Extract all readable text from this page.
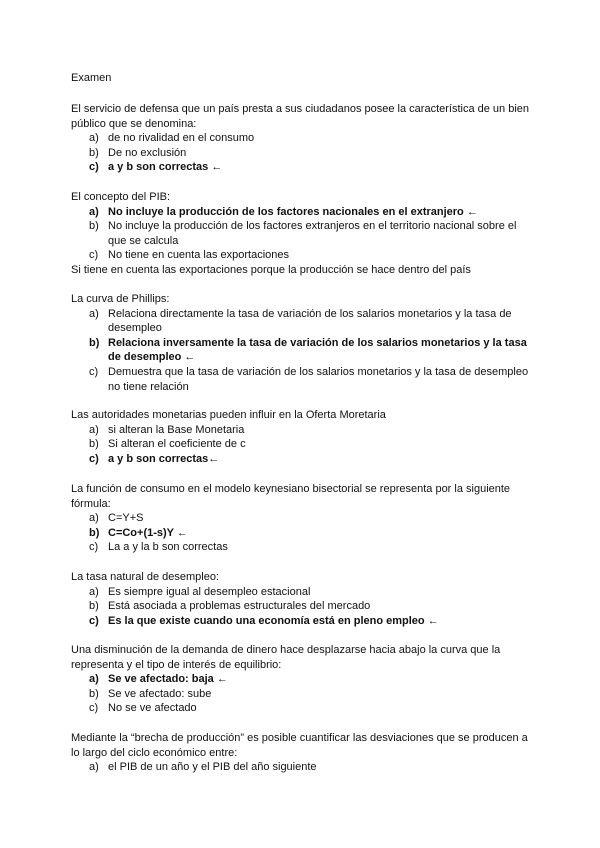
Examen

El servicio de defensa que un país presta a sus ciudadanos posee la característica de un bien público que se denomina:

a) de no rivalidad en el consumo
b) De no exclusión
c) a y b son correctas ←

El concepto del PIB:

a) No incluye la producción de los factores nacionales en el extranjero ←
b) No incluye la producción de los factores extranjeros en el territorio nacional sobre el que se calcula
c) No tiene en cuenta las exportaciones

Si tiene en cuenta las exportaciones porque la producción se hace dentro del país

La curva de Phillips:

a) Relaciona directamente la tasa de variación de los salarios monetarios y la tasa de desempleo
b) Relaciona inversamente la tasa de variación de los salarios monetarios y la tasa de desempleo ←
c) Demuestra que la tasa de variación de los salarios monetarios y la tasa de desempleo no tiene relación

Las autoridades monetarias pueden influir en la Oferta Moretaria

a) si alteran la Base Monetaria
b) Si alteran el coeficiente de c
c) a y b son correctas←

La función de consumo en el modelo keynesiano bisectorial se representa por la siguiente fórmula:

a) C=Y+S
b) C=Co+(1-s)Y ←
c) La a y la b son correctas

La tasa natural de desempleo:

a) Es siempre igual al desempleo estacional
b) Está asociada a problemas estructurales del mercado
c) Es la que existe cuando una economía está en pleno empleo ←

Una disminución de la demanda de dinero hace desplazarse hacia abajo la curva que la representa y el tipo de interés de equilibrio:

a) Se ve afectado: baja ←
b) Se ve afectado: sube
c) No se ve afectado

Mediante la “brecha de producción” es posible cuantificar las desviaciones que se producen a lo largo del ciclo económico entre:

a) el PIB de un año y el PIB del año siguiente
